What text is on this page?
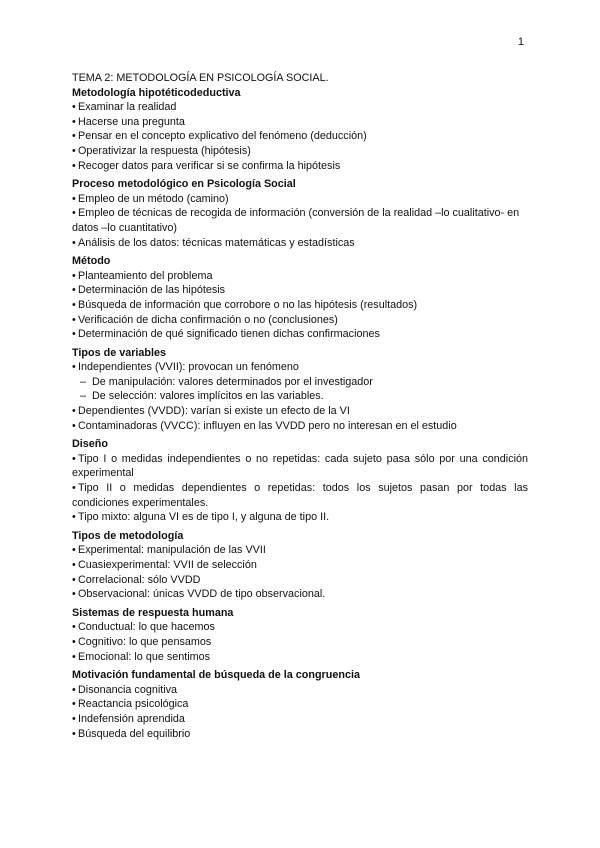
1
TEMA 2: METODOLOGÍA EN PSICOLOGÍA SOCIAL.
Metodología hipotéticodeductiva
• Examinar la realidad
• Hacerse una pregunta
• Pensar en el concepto explicativo del fenómeno (deducción)
• Operativizar la respuesta (hipótesis)
• Recoger datos para verificar si se confirma la hipótesis
Proceso metodológico en Psicología Social
• Empleo de un método (camino)
• Empleo de técnicas de recogida de información (conversión de la realidad –lo cualitativo- en datos –lo cuantitativo)
• Análisis de los datos: técnicas matemáticas y estadísticas
Método
• Planteamiento del problema
• Determinación de las hipótesis
• Búsqueda de información que corrobore o no las hipótesis (resultados)
• Verificación de dicha confirmación o no (conclusiones)
• Determinación de qué significado tienen dichas confirmaciones
Tipos de variables
• Independientes (VVII): provocan un fenómeno
– De manipulación: valores determinados por el investigador
– De selección: valores implícitos en las variables.
• Dependientes (VVDD): varían si existe un efecto de la VI
• Contaminadoras (VVCC): influyen en las VVDD pero no interesan en el estudio
Diseño
• Tipo I o medidas independientes o no repetidas: cada sujeto pasa sólo por una condición experimental
• Tipo II o medidas dependientes o repetidas: todos los sujetos pasan por todas las condiciones experimentales.
• Tipo mixto: alguna VI es de tipo I, y alguna de tipo II.
Tipos de metodología
• Experimental: manipulación de las VVII
• Cuasiexperimental: VVII de selección
• Correlacional: sólo VVDD
• Observacional: únicas VVDD de tipo observacional.
Sistemas de respuesta humana
• Conductual: lo que hacemos
• Cognitivo: lo que pensamos
• Emocional: lo que sentimos
Motivación fundamental de búsqueda de la congruencia
• Disonancia cognitiva
• Reactancia psicológica
• Indefensión aprendida
• Búsqueda del equilibrio
